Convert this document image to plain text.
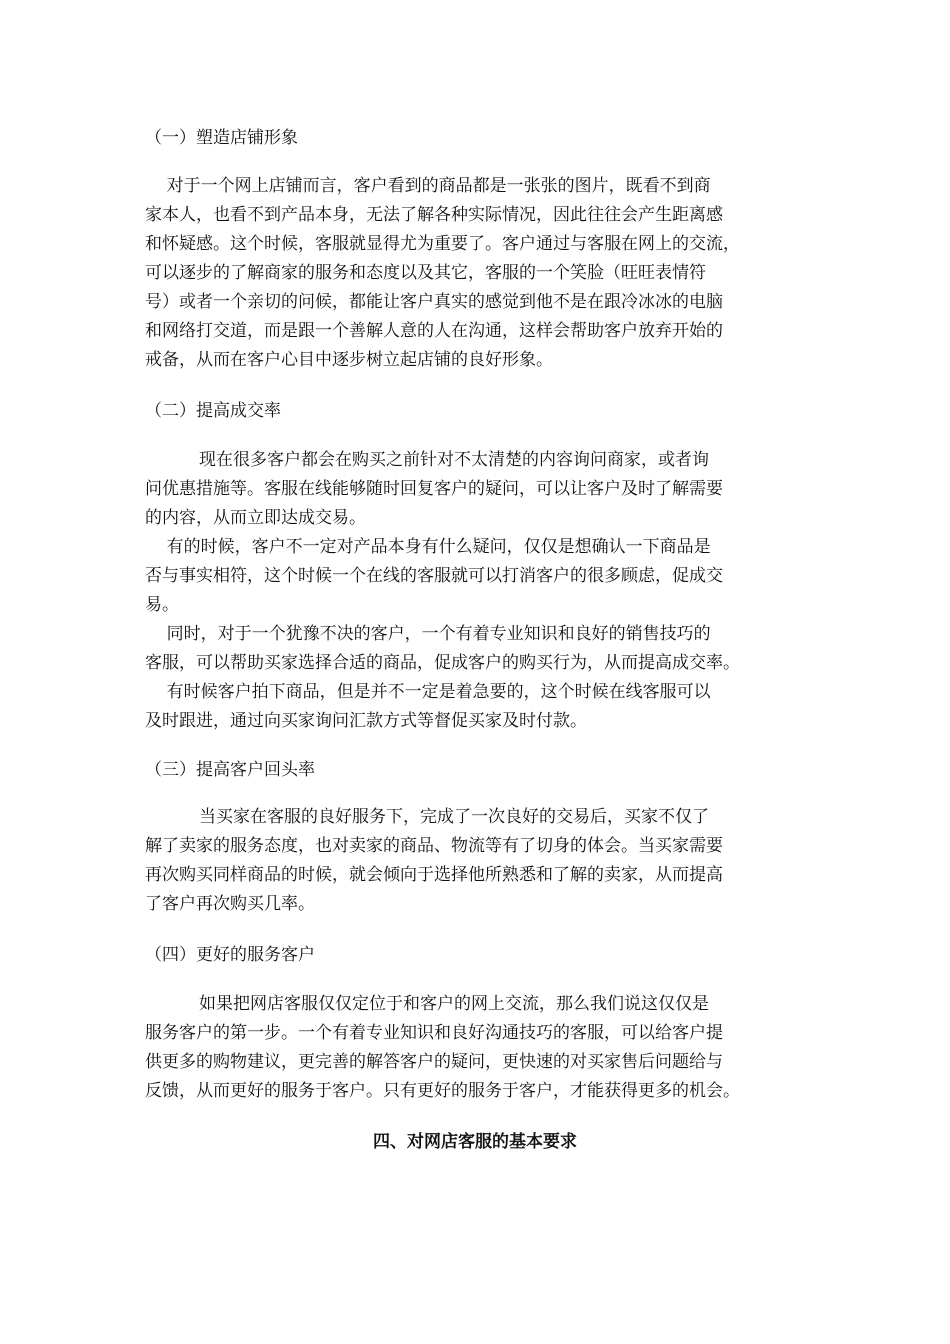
（一）塑造店铺形象

对于一个网上店铺而言，客户看到的商品都是一张张的图片，既看不到商

家本人，也看不到产品本身，无法了解各种实际情况，因此往往会产生距离感

和怀疑感。这个时候，客服就显得尤为重要了。客户通过与客服在网上的交流，

可以逐步的了解商家的服务和态度以及其它，客服的一个笑脸（旺旺表情符

号）或者一个亲切的问候，都能让客户真实的感觉到他不是在跟冷冰冰的电脑

和网络打交道，而是跟一个善解人意的人在沟通，这样会帮助客户放弃开始的

戒备，从而在客户心目中逐步树立起店铺的良好形象。

（二）提高成交率

现在很多客户都会在购买之前针对不太清楚的内容询问商家，或者询

问优惠措施等。客服在线能够随时回复客户的疑问，可以让客户及时了解需要

的内容，从而立即达成交易。

有的时候，客户不一定对产品本身有什么疑问，仅仅是想确认一下商品是

否与事实相符，这个时候一个在线的客服就可以打消客户的很多顾虑，促成交

易。

同时，对于一个犹豫不决的客户，一个有着专业知识和良好的销售技巧的

客服，可以帮助买家选择合适的商品，促成客户的购买行为，从而提高成交率。

有时候客户拍下商品，但是并不一定是着急要的，这个时候在线客服可以

及时跟进，通过向买家询问汇款方式等督促买家及时付款。

（三）提高客户回头率

当买家在客服的良好服务下，完成了一次良好的交易后，买家不仅了

解了卖家的服务态度，也对卖家的商品、物流等有了切身的体会。当买家需要

再次购买同样商品的时候，就会倾向于选择他所熟悉和了解的卖家，从而提高

了客户再次购买几率。

（四）更好的服务客户

如果把网店客服仅仅定位于和客户的网上交流，那么我们说这仅仅是

服务客户的第一步。一个有着专业知识和良好沟通技巧的客服，可以给客户提

供更多的购物建议，更完善的解答客户的疑问，更快速的对买家售后问题给与

反馈，从而更好的服务于客户。只有更好的服务于客户，才能获得更多的机会。

四、对网店客服的基本要求
